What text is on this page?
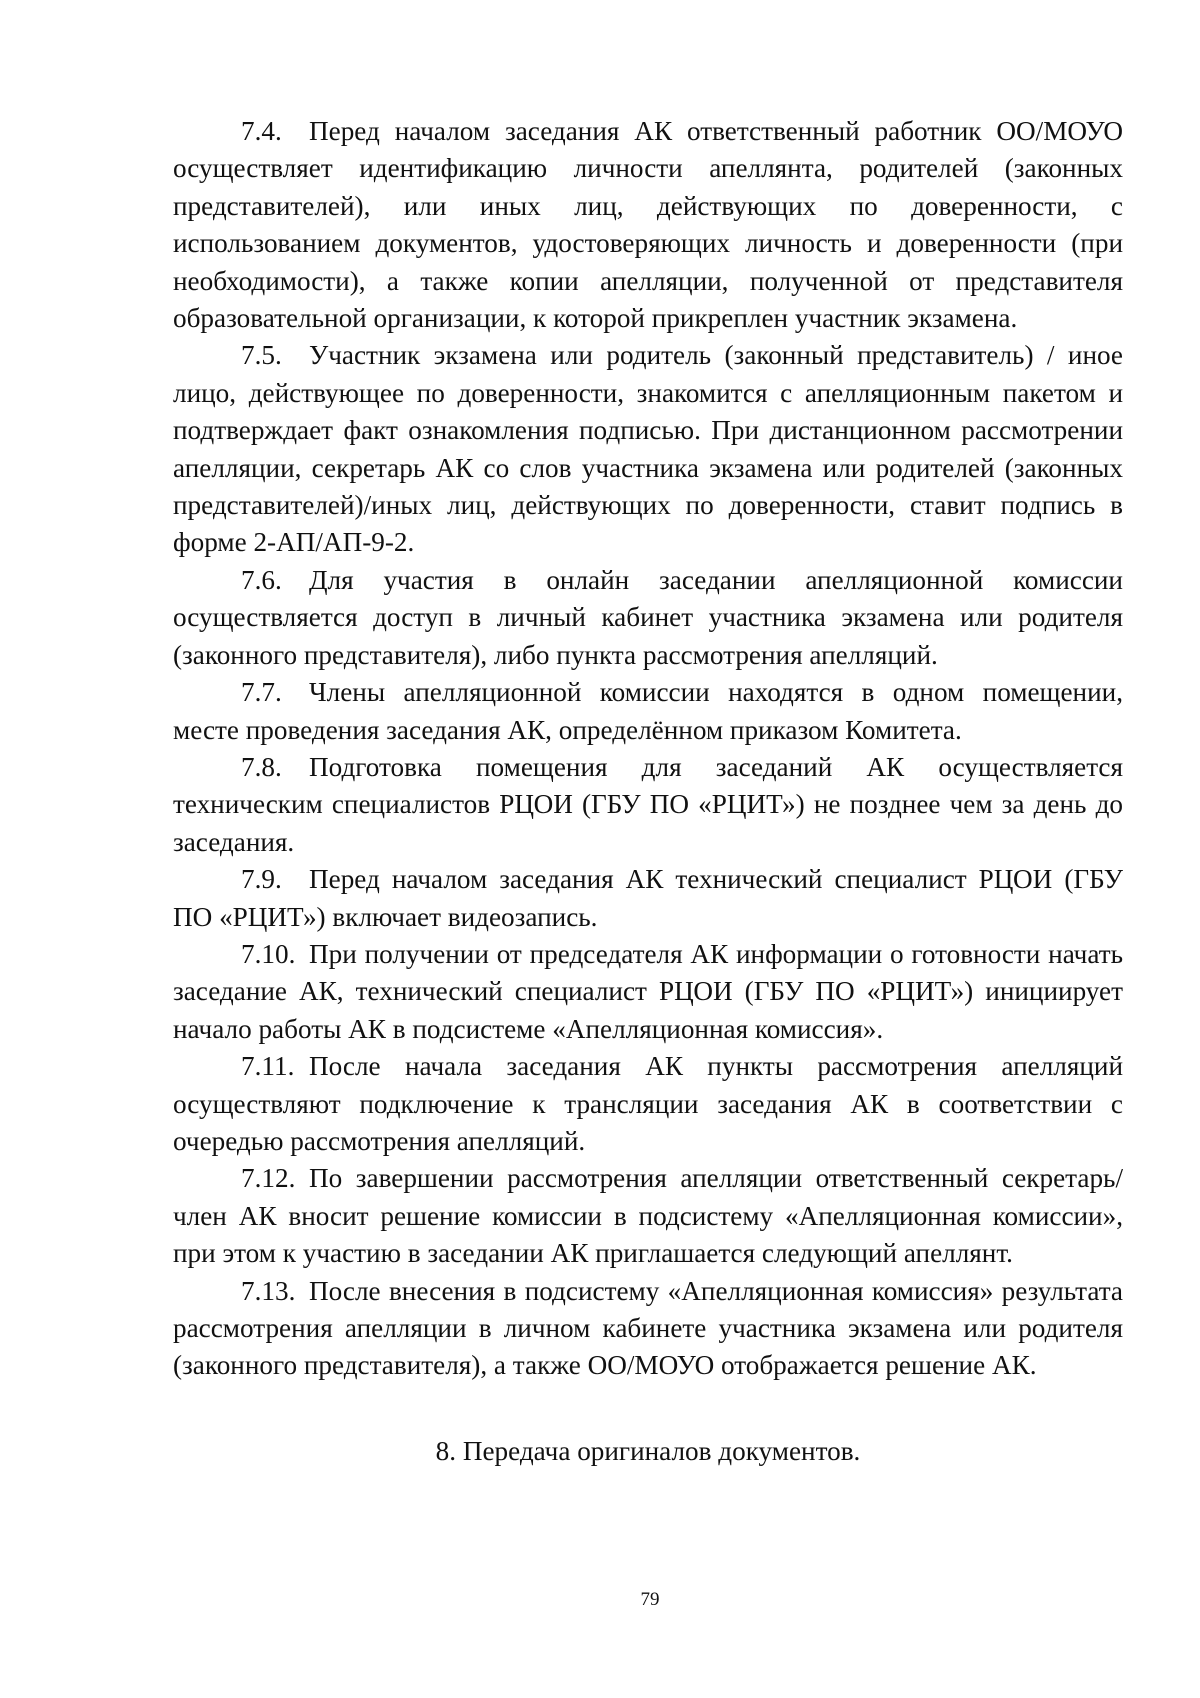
7.4. Перед началом заседания АК ответственный работник ОО/МОУО осуществляет идентификацию личности апеллянта, родителей (законных представителей), или иных лиц, действующих по доверенности, с использованием документов, удостоверяющих личность и доверенности (при необходимости), а также копии апелляции, полученной от представителя образовательной организации, к которой прикреплен участник экзамена.

7.5. Участник экзамена или родитель (законный представитель) / иное лицо, действующее по доверенности, знакомится с апелляционным пакетом и подтверждает факт ознакомления подписью. При дистанционном рассмотрении апелляции, секретарь АК со слов участника экзамена или родителей (законных представителей)/иных лиц, действующих по доверенности, ставит подпись в форме 2-АП/АП-9-2.

7.6. Для участия в онлайн заседании апелляционной комиссии осуществляется доступ в личный кабинет участника экзамена или родителя (законного представителя), либо пункта рассмотрения апелляций.

7.7. Члены апелляционной комиссии находятся в одном помещении, месте проведения заседания АК, определённом приказом Комитета.

7.8. Подготовка помещения для заседаний АК осуществляется техническим специалистов РЦОИ (ГБУ ПО «РЦИТ») не позднее чем за день до заседания.

7.9. Перед началом заседания АК технический специалист РЦОИ (ГБУ ПО «РЦИТ») включает видеозапись.

7.10. При получении от председателя АК информации о готовности начать заседание АК, технический специалист РЦОИ (ГБУ ПО «РЦИТ») инициирует начало работы АК в подсистеме «Апелляционная комиссия».

7.11. После начала заседания АК пункты рассмотрения апелляций осуществляют подключение к трансляции заседания АК в соответствии с очередью рассмотрения апелляций.

7.12. По завершении рассмотрения апелляции ответственный секретарь/член АК вносит решение комиссии в подсистему «Апелляционная комиссии», при этом к участию в заседании АК приглашается следующий апеллянт.

7.13. После внесения в подсистему «Апелляционная комиссия» результата рассмотрения апелляции в личном кабинете участника экзамена или родителя (законного представителя), а также ОО/МОУО отображается решение АК.

8. Передача оригиналов документов.

79
